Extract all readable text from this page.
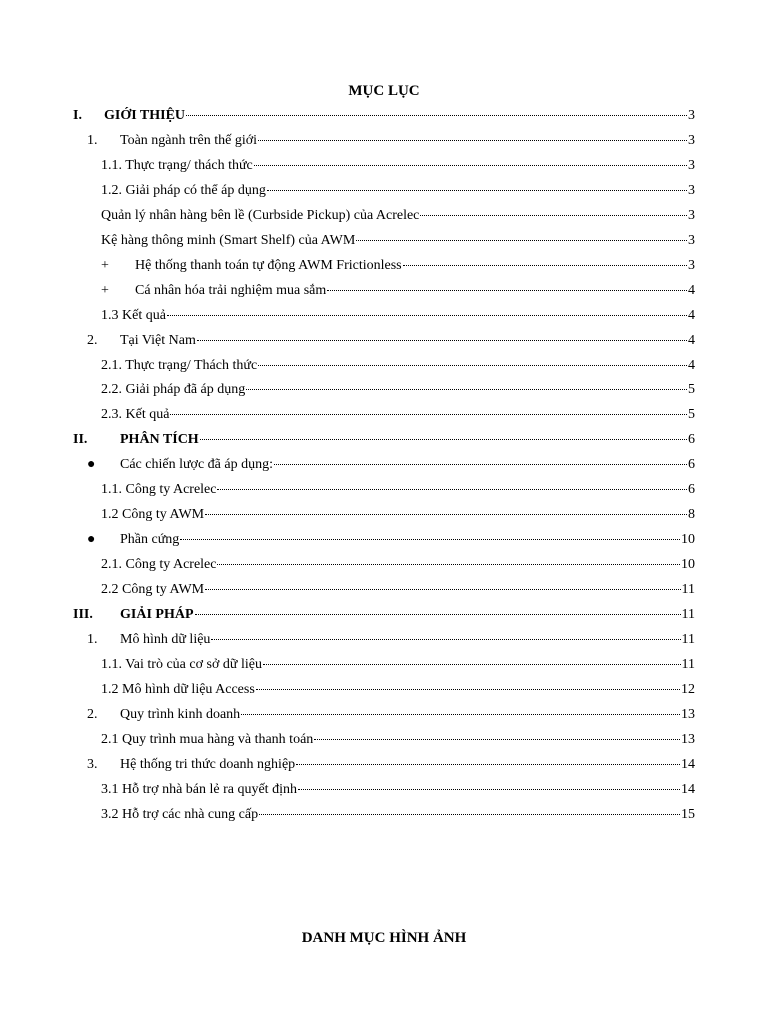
MỤC LỤC
I.	GIỚI THIỆU	3
1.	Toàn ngành trên thế giới	3
1.1. Thực trạng/ thách thức	3
1.2. Giải pháp có thể áp dụng	3
Quản lý nhân hàng bên lề (Curbside Pickup) của Acrelec	3
Kệ hàng thông minh (Smart Shelf) của AWM	3
+	Hệ thống thanh toán tự động AWM Frictionless	3
+	Cá nhân hóa trải nghiệm mua sắm	4
1.3 Kết quả	4
2.	Tại Việt Nam	4
2.1. Thực trạng/ Thách thức	4
2.2. Giải pháp đã áp dụng	5
2.3. Kết quả	5
II.	PHÂN TÍCH	6
●	Các chiến lược đã áp dụng:	6
1.1. Công ty Acrelec	6
1.2 Công ty AWM	8
●	Phần cứng	10
2.1. Công ty Acrelec	10
2.2 Công ty AWM	11
III.	GIẢI PHÁP	11
1.	Mô hình dữ liệu	11
1.1. Vai trò của cơ sở dữ liệu	11
1.2 Mô hình dữ liệu Access	12
2.	Quy trình kinh doanh	13
2.1 Quy trình mua hàng và thanh toán	13
3.	Hệ thống tri thức doanh nghiệp	14
3.1 Hỗ trợ nhà bán lẻ ra quyết định	14
3.2 Hỗ trợ các nhà cung cấp	15
DANH MỤC HÌNH ẢNH
